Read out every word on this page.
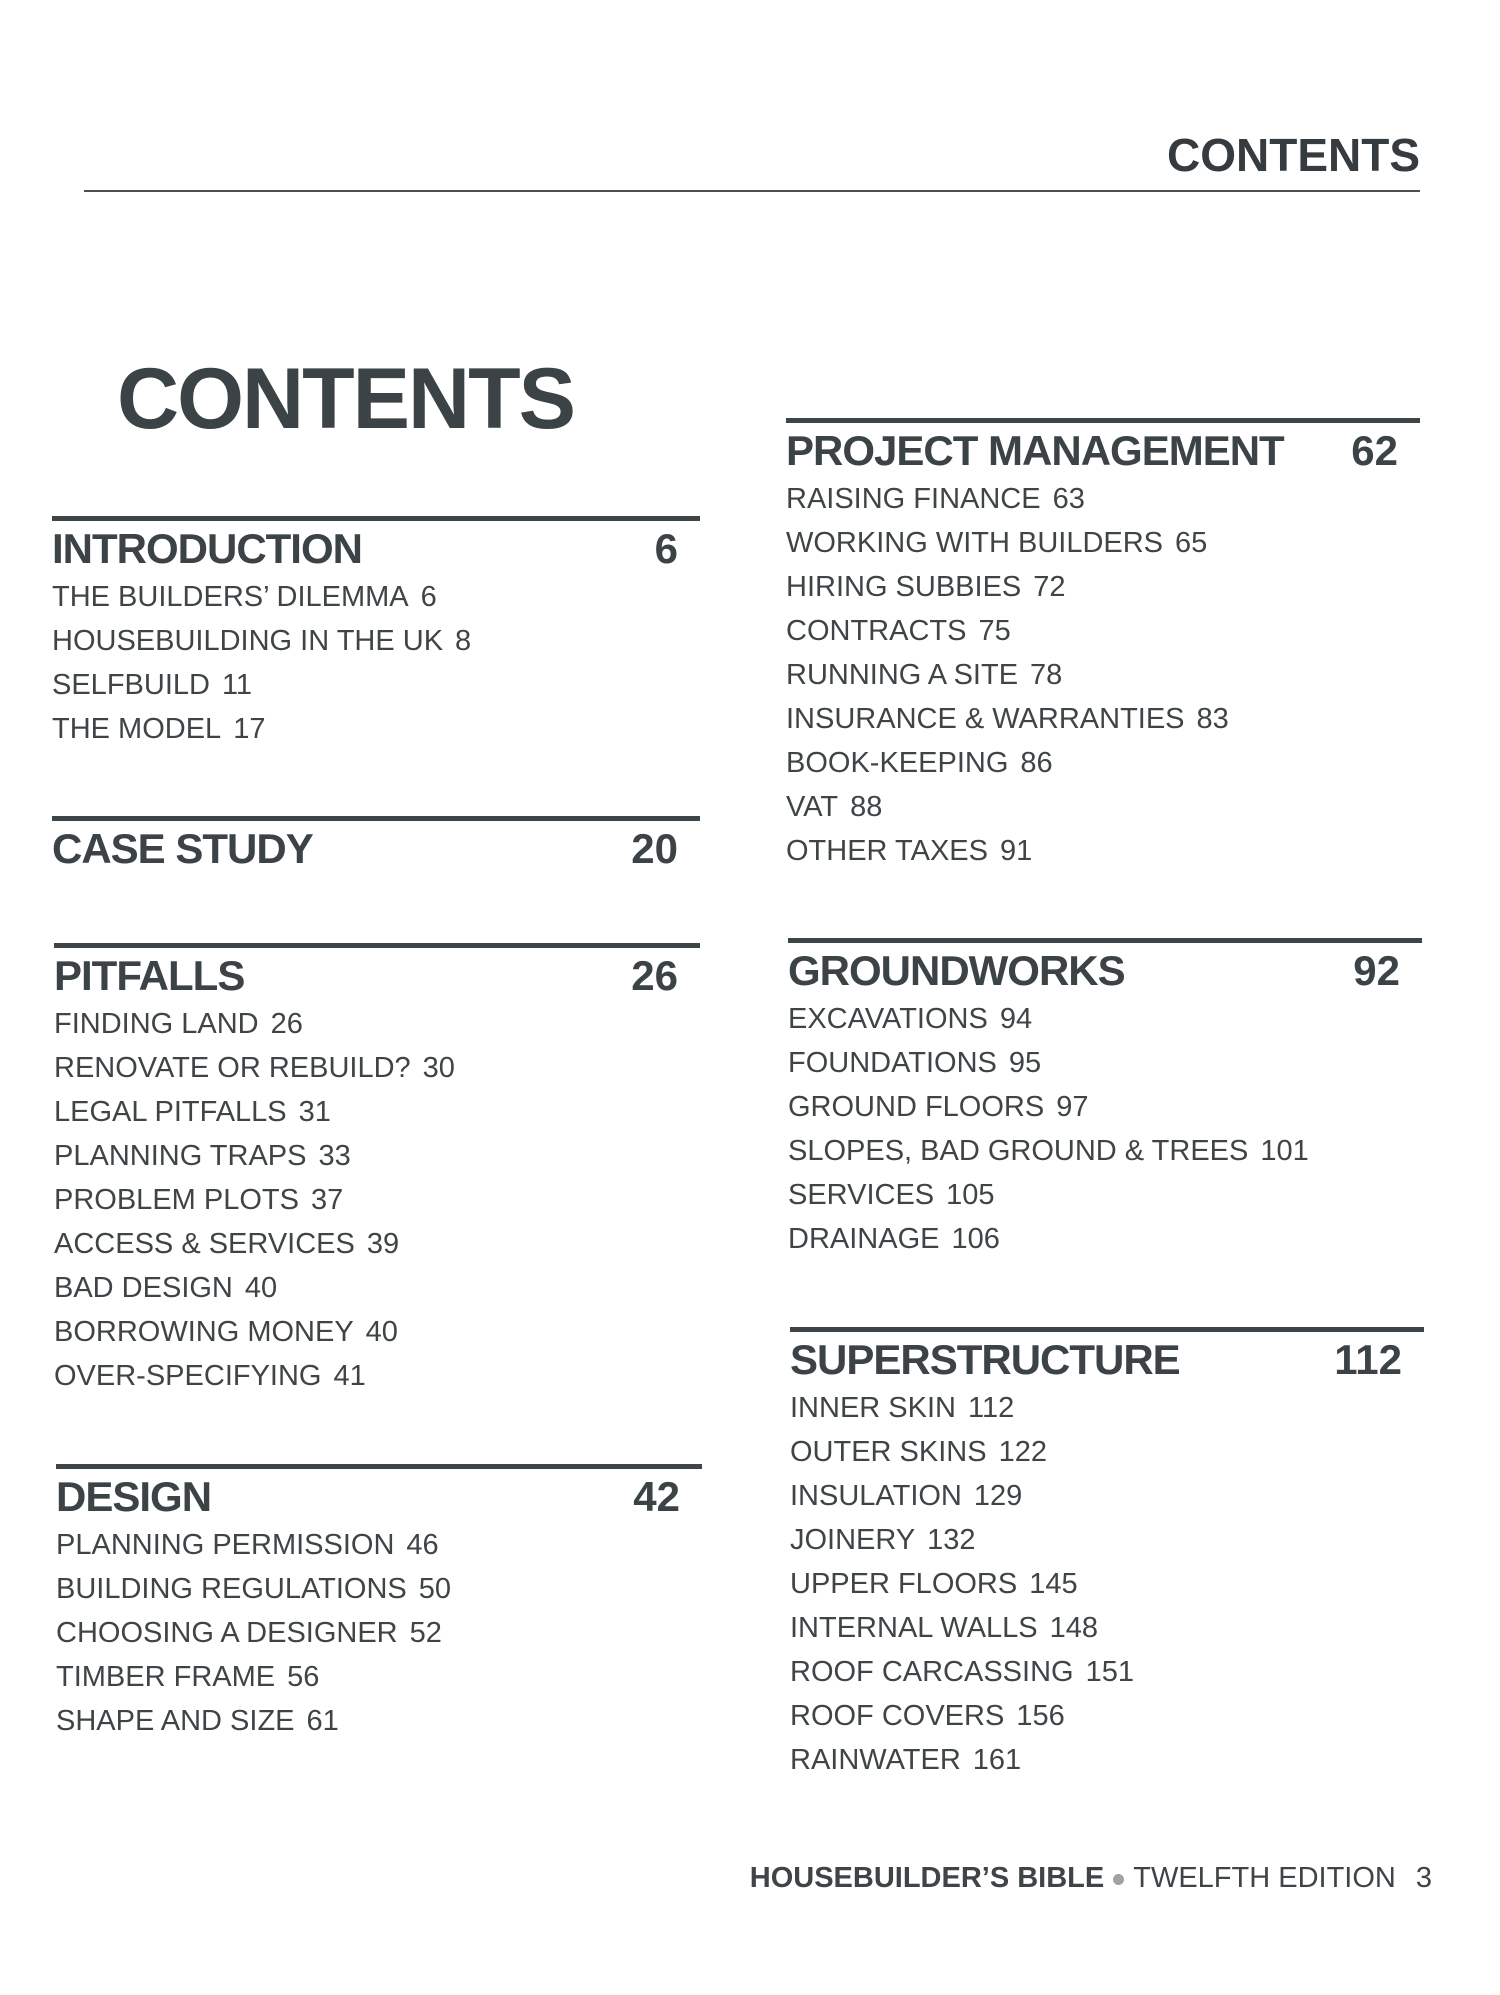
CONTENTS
CONTENTS
INTRODUCTION	6
THE BUILDERS’ DILEMMA 6
HOUSEBUILDING IN THE UK 8
SELFBUILD 11
THE MODEL 17
CASE STUDY	20
PITFALLS	26
FINDING LAND 26
RENOVATE OR REBUILD? 30
LEGAL PITFALLS 31
PLANNING TRAPS 33
PROBLEM PLOTS 37
ACCESS & SERVICES 39
BAD DESIGN 40
BORROWING MONEY 40
OVER-SPECIFYING 41
DESIGN	42
PLANNING PERMISSION 46
BUILDING REGULATIONS 50
CHOOSING A DESIGNER 52
TIMBER FRAME 56
SHAPE AND SIZE 61
PROJECT MANAGEMENT 62
RAISING FINANCE 63
WORKING WITH BUILDERS 65
HIRING SUBBIES 72
CONTRACTS 75
RUNNING A SITE 78
INSURANCE & WARRANTIES 83
BOOK-KEEPING 86
VAT 88
OTHER TAXES 91
GROUNDWORKS	92
EXCAVATIONS 94
FOUNDATIONS 95
GROUND FLOORS 97
SLOPES, BAD GROUND & TREES 101
SERVICES 105
DRAINAGE 106
SUPERSTRUCTURE	112
INNER SKIN 112
OUTER SKINS 122
INSULATION 129
JOINERY 132
UPPER FLOORS 145
INTERNAL WALLS 148
ROOF CARCASSING 151
ROOF COVERS 156
RAINWATER 161
HOUSEBUILDER’S BIBLE TWELFTH EDITION 3
